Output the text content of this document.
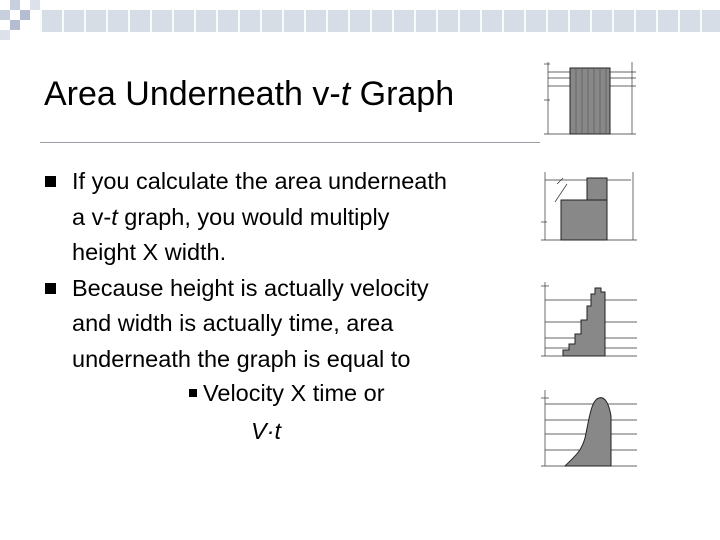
Area Underneath v-t Graph
If you calculate the area underneath
a v-t graph, you would multiply
height X width.
Because height is actually velocity
and width is actually time, area
underneath the graph is equal to
Velocity X time or
V·t
